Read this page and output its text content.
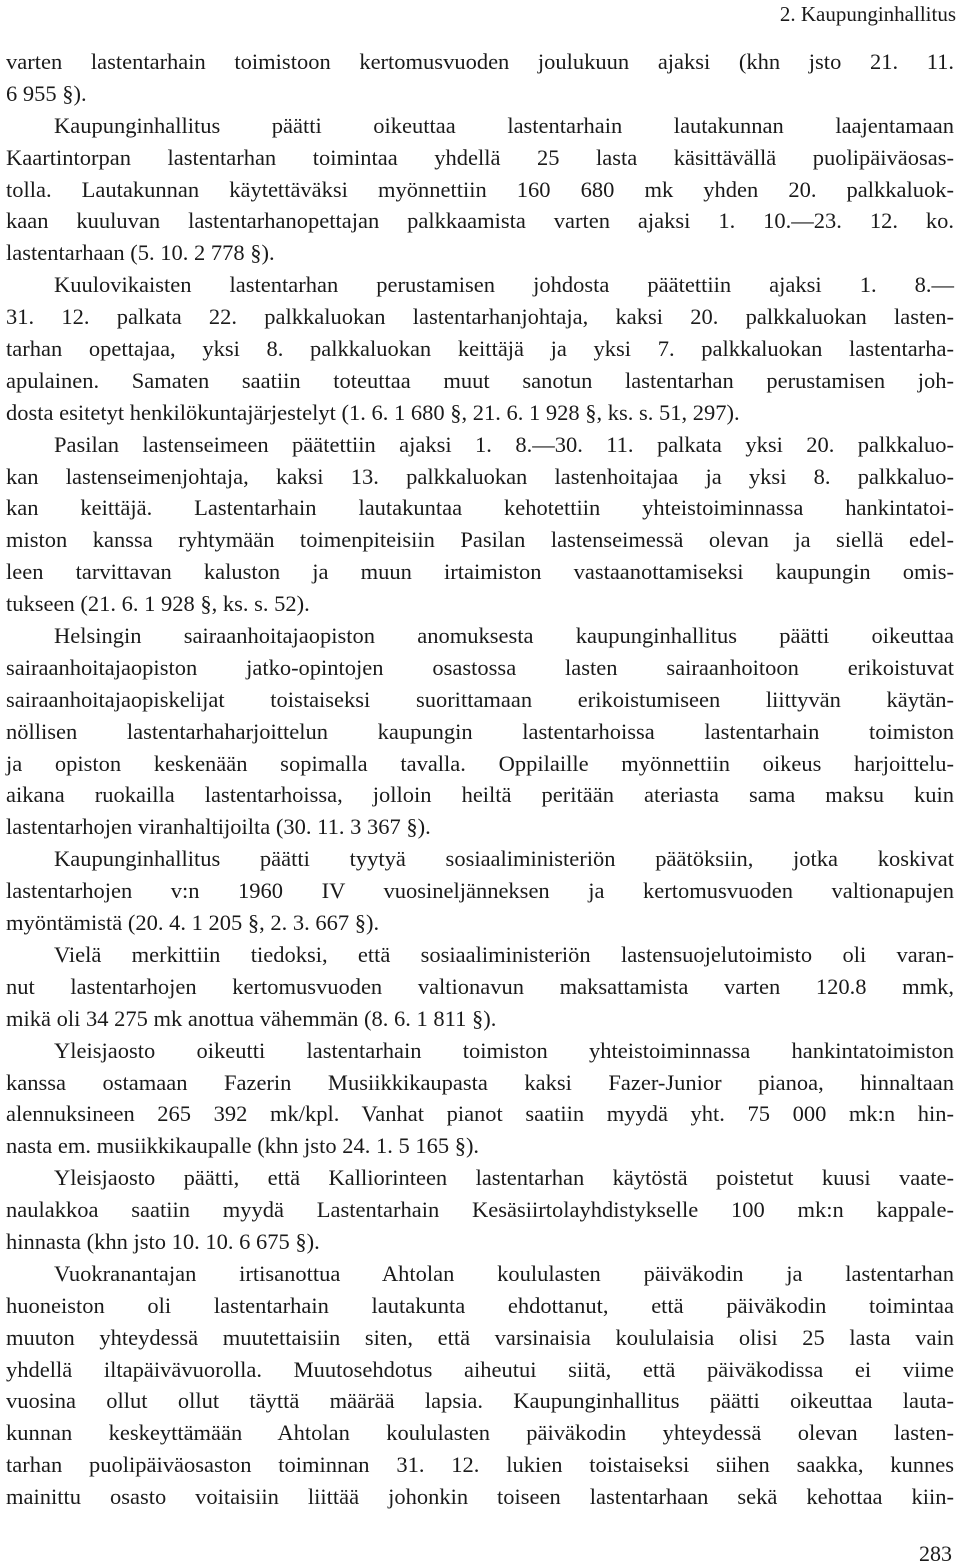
2. Kaupunginhallitus
varten lastentarhain toimistoon kertomusvuoden joulukuun ajaksi (khn jsto 21. 11.
6 955 §).
Kaupunginhallitus päätti oikeuttaa lastentarhain lautakunnan laajentamaan
Kaartintorpan lastentarhan toimintaa yhdellä 25 lasta käsittävällä puolipäiväosas-
tolla. Lautakunnan käytettäväksi myönnettiin 160 680 mk yhden 20. palkkaluok-
kaan kuuluvan lastentarhanopettajan palkkaamista varten ajaksi 1. 10.—23. 12. ko.
lastentarhaan (5. 10. 2 778 §).
Kuulovikaisten lastentarhan perustamisen johdosta päätettiin ajaksi 1. 8.—
31. 12. palkata 22. palkkaluokan lastentarhanjohtaja, kaksi 20. palkkaluokan lasten-
tarhan opettajaa, yksi 8. palkkaluokan keittäjä ja yksi 7. palkkaluokan lastentarha-
apulainen. Samaten saatiin toteuttaa muut sanotun lastentarhan perustamisen joh-
dosta esitetyt henkilökuntajärjestelyt (1. 6. 1 680 §, 21. 6. 1 928 §, ks. s. 51, 297).
Pasilan lastenseimeen päätettiin ajaksi 1. 8.—30. 11. palkata yksi 20. palkkaluo-
kan lastenseimenjohtaja, kaksi 13. palkkaluokan lastenhoitajaa ja yksi 8. palkkaluo-
kan keittäjä. Lastentarhain lautakuntaa kehotettiin yhteistoiminnassa hankintatoi-
miston kanssa ryhtymään toimenpiteisiin Pasilan lastenseimessä olevan ja siellä edel-
leen tarvittavan kaluston ja muun irtaimiston vastaanottamiseksi kaupungin omis-
tukseen (21. 6. 1 928 §, ks. s. 52).
Helsingin sairaanhoitajaopiston anomuksesta kaupunginhallitus päätti oikeuttaa
sairaanhoitajaopiston jatko-opintojen osastossa lasten sairaanhoitoon erikoistuvat
sairaanhoitajaopiskelijat toistaiseksi suorittamaan erikoistumiseen liittyvän käytän-
nöllisen lastentarhaharjoittelun kaupungin lastentarhoissa lastentarhain toimiston
ja opiston keskenään sopimalla tavalla. Oppilaille myönnettiin oikeus harjoittelu-
aikana ruokailla lastentarhoissa, jolloin heiltä peritään ateriasta sama maksu kuin
lastentarhojen viranhaltijoilta (30. 11. 3 367 §).
Kaupunginhallitus päätti tyytyä sosiaaliministeriön päätöksiin, jotka koskivat
lastentarhojen v:n 1960 IV vuosineljänneksen ja kertomusvuoden valtionapujen
myöntämistä (20. 4. 1 205 §, 2. 3. 667 §).
Vielä merkittiin tiedoksi, että sosiaaliministeriön lastensuojelutoimisto oli varan-
nut lastentarhojen kertomusvuoden valtionavun maksattamista varten 120.8 mmk,
mikä oli 34 275 mk anottua vähemmän (8. 6. 1 811 §).
Yleisjaosto oikeutti lastentarhain toimiston yhteistoiminnassa hankintatoimiston
kanssa ostamaan Fazerin Musiikkikaupasta kaksi Fazer-Junior pianoa, hinnaltaan
alennuksineen 265 392 mk/kpl. Vanhat pianot saatiin myydä yht. 75 000 mk:n hin-
nasta em. musiikkikaupalle (khn jsto 24. 1. 5 165 §).
Yleisjaosto päätti, että Kalliorinteen lastentarhan käytöstä poistetut kuusi vaate-
naulakkoa saatiin myydä Lastentarhain Kesäsiirtolayhdistykselle 100 mk:n kappale-
hinnasta (khn jsto 10. 10. 6 675 §).
Vuokranantajan irtisanottua Ahtolan koululasten päiväkodin ja lastentarhan
huoneiston oli lastentarhain lautakunta ehdottanut, että päiväkodin toimintaa
muuton yhteydessä muutettaisiin siten, että varsinaisia koululaisia olisi 25 lasta vain
yhdellä iltapäivävuorolla. Muutosehdotus aiheutui siitä, että päiväkodissa ei viime
vuosina ollut ollut täyttä määrää lapsia. Kaupunginhallitus päätti oikeuttaa lauta-
kunnan keskeyttämään Ahtolan koululasten päiväkodin yhteydessä olevan lasten-
tarhan puolipäiväosaston toiminnan 31. 12. lukien toistaiseksi siihen saakka, kunnes
mainittu osasto voitaisiin liittää johonkin toiseen lastentarhaan sekä kehottaa kiin-
283
